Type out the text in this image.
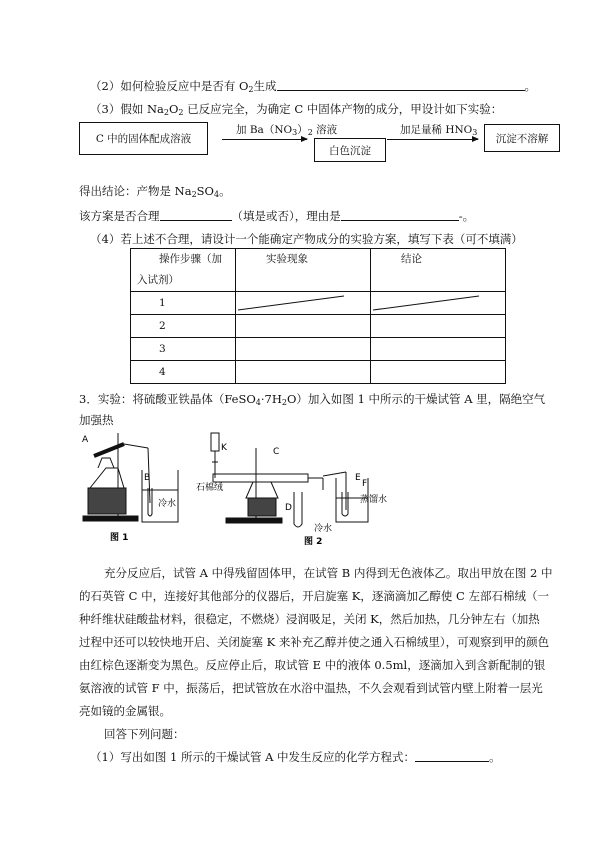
（2）如何检验反应中是否有 $O_2$生成	。
（3）假如 $Na_2O_2$ 已反应完全，为确定 C 中固体产物的成分，甲设计如下实验：
C 中的固体配成溶液
加 $Ba(NO_3)_2$ 溶液
白色沉淀
加足量稀 $HNO_3$	沉淀不溶解
得出结论：产物是 $Na_2SO_4$。
该方案是否合理	（填是或否），理由是	-。
（4）若上述不合理，请设计一个能确定产物成分的实验方案，填写下表（可不填满）
操作步骤（加
入试剂）	实验现象	结论
1	

2		
3		
4		
3．实验：将硫酸亚铁晶体$(FeSO_4\cdot 7H_2O)$加入如图 1 中所示的干燥试管 A 里，隔绝空气
加强热
A
B
冷水
图 1
K	C
石棉绒
D
E
F
蒸馏水
冷水
图 2
充分反应后，试管 A 中得残留固体甲，在试管 B 内得到无色液体乙。取出甲放在图 2 中
的石英管 C 中，连接好其他部分的仪器后，开启旋塞 K，逐滴滴加乙醇使 C 左部石棉绒（一
种纤维状硅酸盐材料，很稳定，不燃烧）浸润吸足，关闭 K，然后加热，几分钟左右（加热
过程中还可以较快地开启、关闭旋塞 K 来补充乙醇并使之通入石棉绒里），可观察到甲的颜色
由红棕色逐渐变为黑色。反应停止后，取试管 E 中的液体 0.5ml，逐滴加入到含新配制的银
氨溶液的试管 F 中，振荡后，把试管放在水浴中温热，不久会观看到试管内壁上附着一层光
亮如镜的金属银。
回答下列问题：
（1）写出如图 1 所示的干燥试管 A 中发生反应的化学方程式：	。
